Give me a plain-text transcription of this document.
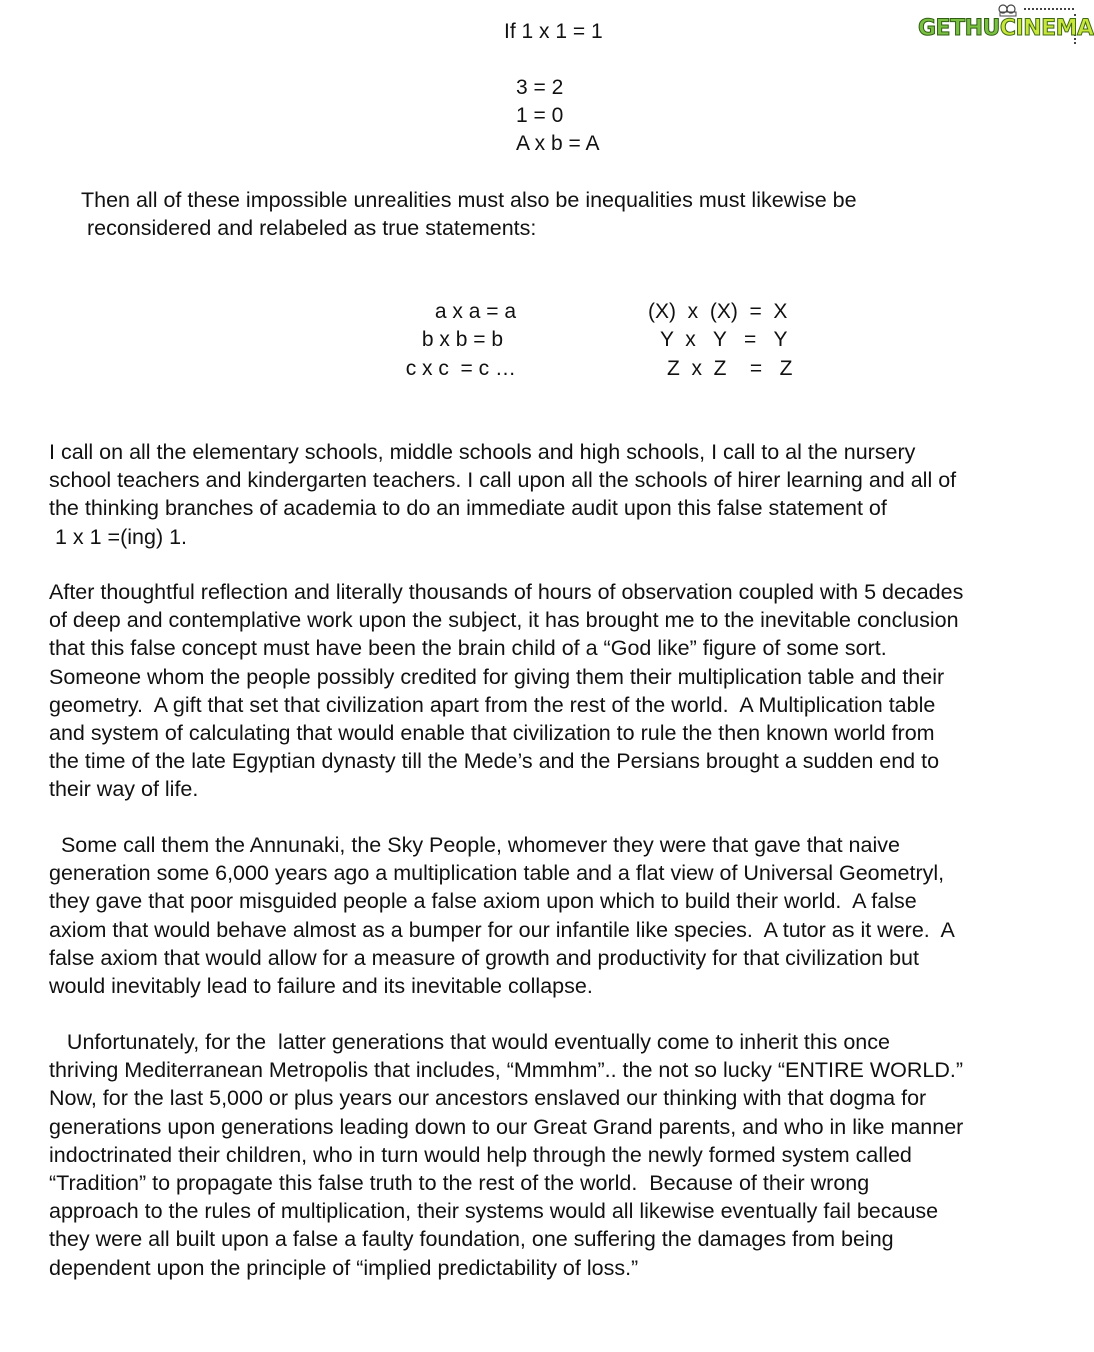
GETHUCINEMA
If 1 x 1 = 1
3 = 2
1 = 0
A x b = A
Then all of these impossible unrealities must also be inequalities must likewise be
reconsidered and relabeled as true statements:
a x a = a
b x b = b
c x c  = c …
(X)  x  (X)  =  X
Y  x   Y   =   Y
Z  x  Z    =   Z
I call on all the elementary schools, middle schools and high schools, I call to al the nursery
school teachers and kindergarten teachers. I call upon all the schools of hirer learning and all of
the thinking branches of academia to do an immediate audit upon this false statement of
1 x 1 =(ing) 1.
After thoughtful reflection and literally thousands of hours of observation coupled with 5 decades
of deep and contemplative work upon the subject, it has brought me to the inevitable conclusion
that this false concept must have been the brain child of a “God like” figure of some sort.
Someone whom the people possibly credited for giving them their multiplication table and their
geometry.  A gift that set that civilization apart from the rest of the world.  A Multiplication table
and system of calculating that would enable that civilization to rule the then known world from
the time of the late Egyptian dynasty till the Mede’s and the Persians brought a sudden end to
their way of life.
Some call them the Annunaki, the Sky People, whomever they were that gave that naive
generation some 6,000 years ago a multiplication table and a flat view of Universal Geometryl,
they gave that poor misguided people a false axiom upon which to build their world.  A false
axiom that would behave almost as a bumper for our infantile like species.  A tutor as it were.  A
false axiom that would allow for a measure of growth and productivity for that civilization but
would inevitably lead to failure and its inevitable collapse.
Unfortunately, for the  latter generations that would eventually come to inherit this once
thriving Mediterranean Metropolis that includes, “Mmmhm”.. the not so lucky “ENTIRE WORLD.”
Now, for the last 5,000 or plus years our ancestors enslaved our thinking with that dogma for
generations upon generations leading down to our Great Grand parents, and who in like manner
indoctrinated their children, who in turn would help through the newly formed system called
“Tradition” to propagate this false truth to the rest of the world.  Because of their wrong
approach to the rules of multiplication, their systems would all likewise eventually fail because
they were all built upon a false a faulty foundation, one suffering the damages from being
dependent upon the principle of “implied predictability of loss.”
